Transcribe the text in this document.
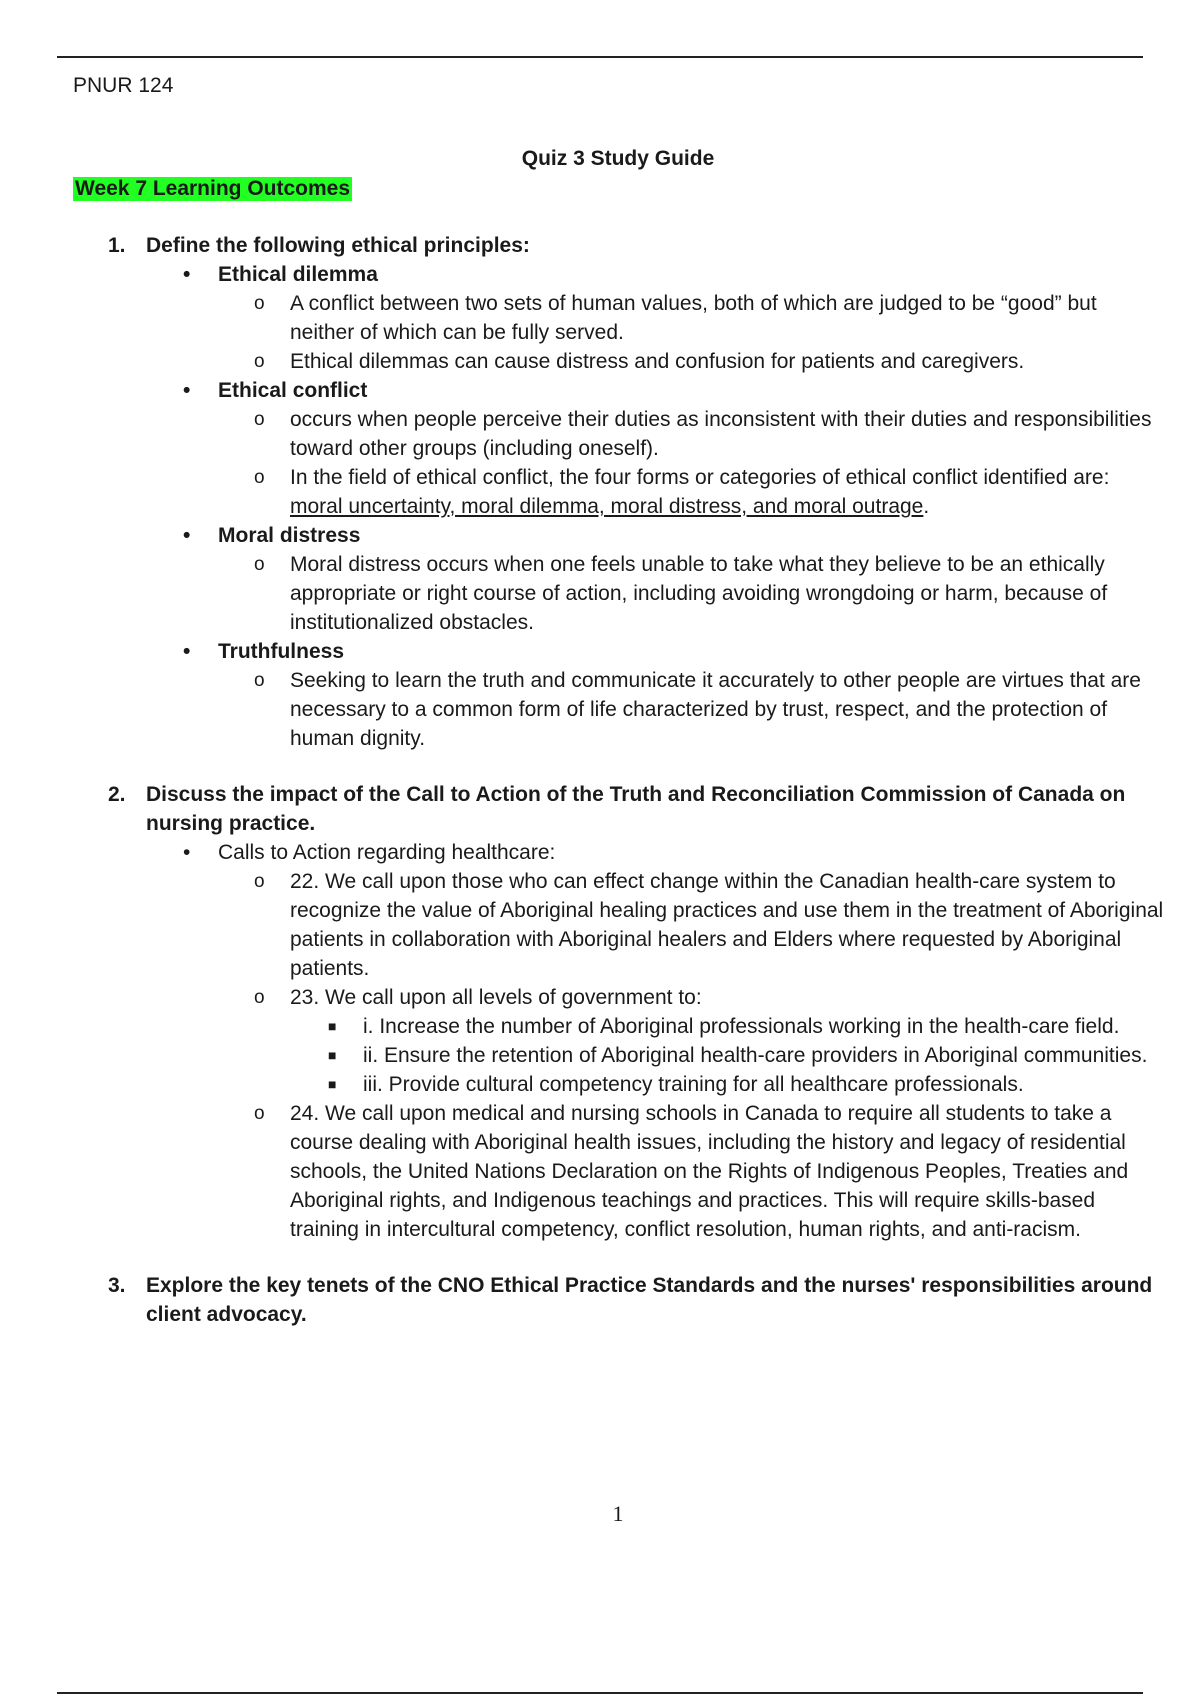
PNUR 124
Quiz 3 Study Guide
Week 7 Learning Outcomes
1. Define the following ethical principles:
• Ethical dilemma
o A conflict between two sets of human values, both of which are judged to be “good” but neither of which can be fully served.
o Ethical dilemmas can cause distress and confusion for patients and caregivers.
• Ethical conflict
o occurs when people perceive their duties as inconsistent with their duties and responsibilities toward other groups (including oneself).
o In the field of ethical conflict, the four forms or categories of ethical conflict identified are: moral uncertainty, moral dilemma, moral distress, and moral outrage.
• Moral distress
o Moral distress occurs when one feels unable to take what they believe to be an ethically appropriate or right course of action, including avoiding wrongdoing or harm, because of institutionalized obstacles.
• Truthfulness
o Seeking to learn the truth and communicate it accurately to other people are virtues that are necessary to a common form of life characterized by trust, respect, and the protection of human dignity.
2. Discuss the impact of the Call to Action of the Truth and Reconciliation Commission of Canada on nursing practice.
• Calls to Action regarding healthcare:
o 22. We call upon those who can effect change within the Canadian health-care system to recognize the value of Aboriginal healing practices and use them in the treatment of Aboriginal patients in collaboration with Aboriginal healers and Elders where requested by Aboriginal patients.
o 23. We call upon all levels of government to:
■ i. Increase the number of Aboriginal professionals working in the health-care field.
■ ii. Ensure the retention of Aboriginal health-care providers in Aboriginal communities.
■ iii. Provide cultural competency training for all healthcare professionals.
o 24. We call upon medical and nursing schools in Canada to require all students to take a course dealing with Aboriginal health issues, including the history and legacy of residential schools, the United Nations Declaration on the Rights of Indigenous Peoples, Treaties and Aboriginal rights, and Indigenous teachings and practices. This will require skills-based training in intercultural competency, conflict resolution, human rights, and anti-racism.
3. Explore the key tenets of the CNO Ethical Practice Standards and the nurses' responsibilities around client advocacy.
1
